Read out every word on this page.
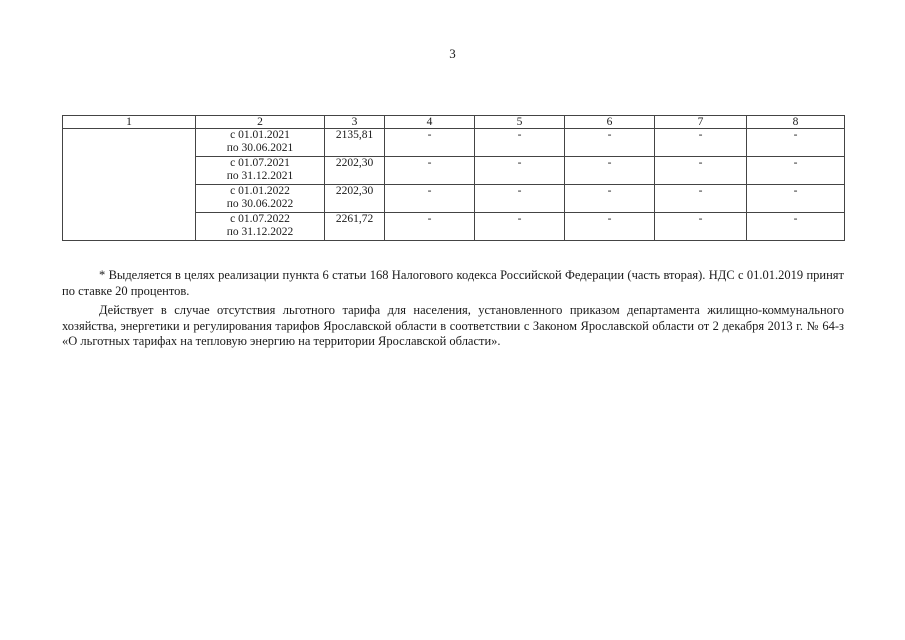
3
1	2	3	4	5	6	7	8

	с 01.01.2021
по 30.06.2021	2135,81	-	-	-	-	-

	с 01.07.2021
по 31.12.2021	2202,30	-	-	-	-	-

	с 01.01.2022
по 30.06.2022	2202,30	-	-	-	-	-

	с 01.07.2022
по 31.12.2022	2261,72	-	-	-	-	-

* Выделяется в целях реализации пункта 6 статьи 168 Налогового кодекса Российской Федерации (часть вторая). НДС с 01.01.2019 принят по ставке 20 процентов.

Действует в случае отсутствия льготного тарифа для населения, установленного приказом департамента жилищно-коммунального хозяйства, энергетики и регулирования тарифов Ярославской области в соответствии с Законом Ярославской области от 2 декабря 2013 г. № 64-з «О льготных тарифах на тепловую энергию на территории Ярославской области».
